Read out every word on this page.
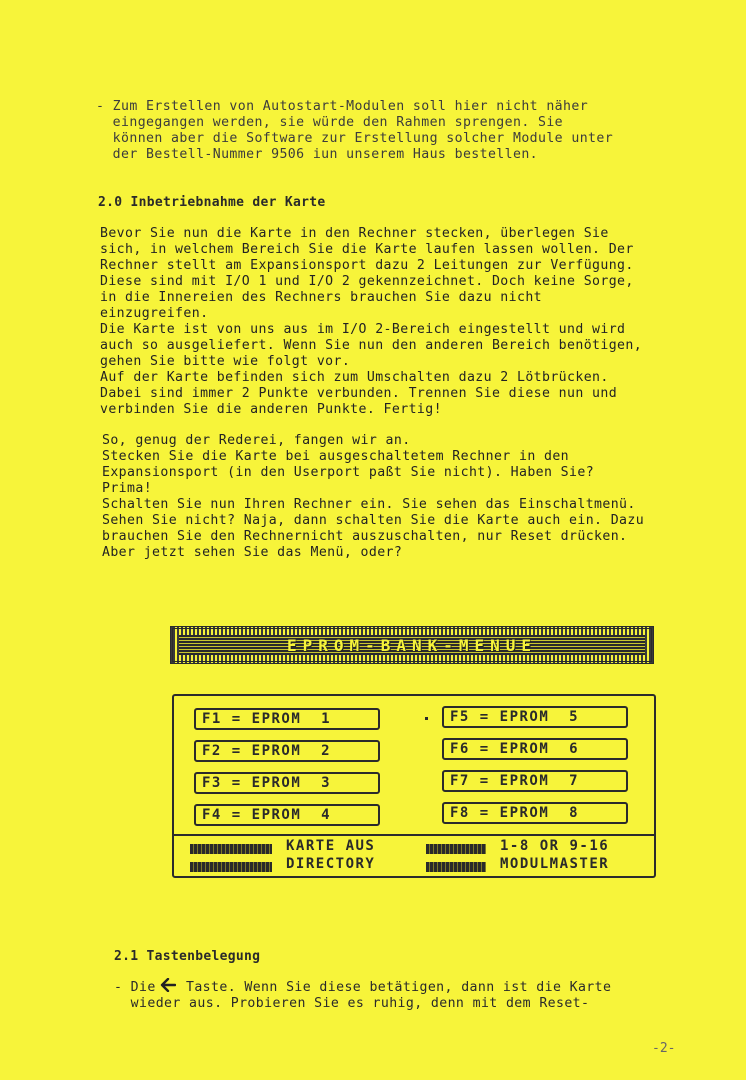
- Zum Erstellen von Autostart-Modulen soll hier nicht näher
eingegangen werden, sie würde den Rahmen sprengen. Sie
können aber die Software zur Erstellung solcher Module unter
der Bestell-Nummer 9506 iun unserem Haus bestellen.
2.0 Inbetriebnahme der Karte
Bevor Sie nun die Karte in den Rechner stecken, überlegen Sie
sich, in welchem Bereich Sie die Karte laufen lassen wollen. Der
Rechner stellt am Expansionsport dazu 2 Leitungen zur Verfügung.
Diese sind mit I/O 1 und I/O 2 gekennzeichnet. Doch keine Sorge,
in die Innereien des Rechners brauchen Sie dazu nicht
einzugreifen.
Die Karte ist von uns aus im I/O 2-Bereich eingestellt und wird
auch so ausgeliefert. Wenn Sie nun den anderen Bereich benötigen,
gehen Sie bitte wie folgt vor.
Auf der Karte befinden sich zum Umschalten dazu 2 Lötbrücken.
Dabei sind immer 2 Punkte verbunden. Trennen Sie diese nun und
verbinden Sie die anderen Punkte. Fertig!
So, genug der Rederei, fangen wir an.
Stecken Sie die Karte bei ausgeschaltetem Rechner in den
Expansionsport (in den Userport paßt Sie nicht). Haben Sie?
Prima!
Schalten Sie nun Ihren Rechner ein. Sie sehen das Einschaltmenü.
Sehen Sie nicht? Naja, dann schalten Sie die Karte auch ein. Dazu
brauchen Sie den Rechnernicht auszuschalten, nur Reset drücken.
Aber jetzt sehen Sie das Menü, oder?
EPROM-BANK-MENUE
F1 = EPROM  1
F2 = EPROM  2
F3 = EPROM  3
F4 = EPROM  4
F5 = EPROM  5
F6 = EPROM  6
F7 = EPROM  7
F8 = EPROM  8
KARTE AUS	1-8 OR 9-16
DIRECTORY	MODULMASTER
2.1 Tastenbelegung
- Die Taste. Wenn Sie diese betätigen, dann ist die Karte
wieder aus. Probieren Sie es ruhig, denn mit dem Reset-
-2-
